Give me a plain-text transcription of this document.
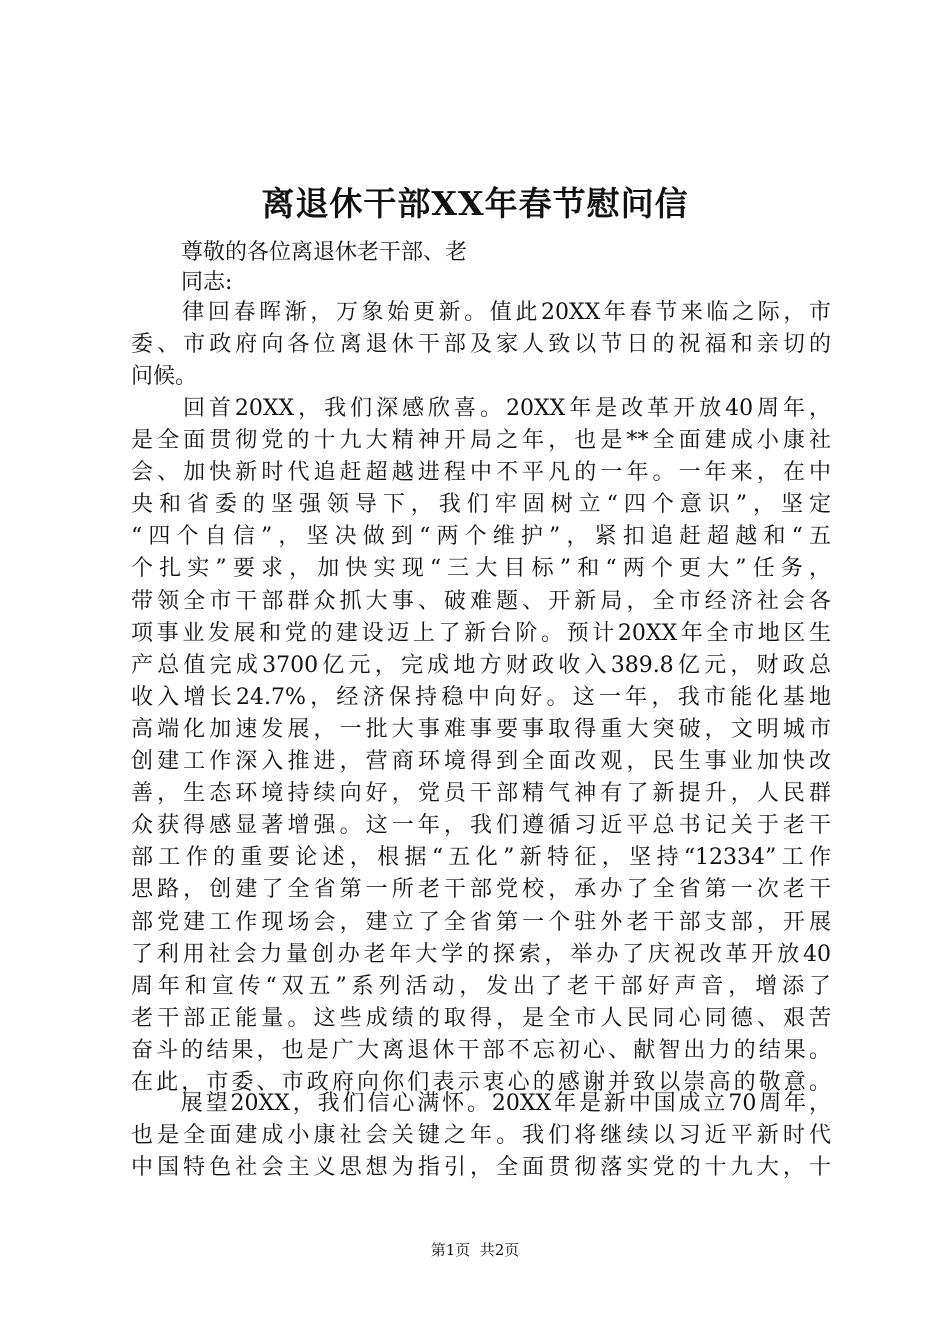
离退休干部XX年春节慰问信
尊敬的各位离退休老干部、老
同志:
　　律回春晖渐，万象始更新。值此20XX年春节来临之际，市
委、市政府向各位离退休干部及家人致以节日的祝福和亲切的
问候。
　　回首20XX，我们深感欣喜。20XX年是改革开放40周年，
是全面贯彻党的十九大精神开局之年，也是**全面建成小康社
会、加快新时代追赶超越进程中不平凡的一年。一年来，在中
央和省委的坚强领导下，我们牢固树立“四个意识”，坚定
“四个自信”，坚决做到“两个维护”，紧扣追赶超越和“五
个扎实”要求，加快实现“三大目标”和“两个更大”任务，
带领全市干部群众抓大事、破难题、开新局，全市经济社会各
项事业发展和党的建设迈上了新台阶。预计20XX年全市地区生
产总值完成3700亿元，完成地方财政收入389.8亿元，财政总
收入增长24.7%，经济保持稳中向好。这一年，我市能化基地
高端化加速发展，一批大事难事要事取得重大突破，文明城市
创建工作深入推进，营商环境得到全面改观，民生事业加快改
善，生态环境持续向好，党员干部精气神有了新提升，人民群
众获得感显著增强。这一年，我们遵循习近平总书记关于老干
部工作的重要论述，根据“五化”新特征，坚持“12334”工作
思路，创建了全省第一所老干部党校，承办了全省第一次老干
部党建工作现场会，建立了全省第一个驻外老干部支部，开展
了利用社会力量创办老年大学的探索，举办了庆祝改革开放40
周年和宣传“双五”系列活动，发出了老干部好声音，增添了
老干部正能量。这些成绩的取得，是全市人民同心同德、艰苦
奋斗的结果，也是广大离退休干部不忘初心、献智出力的结果。
在此，市委、市政府向你们表示衷心的感谢并致以崇高的敬意。
　　展望20XX，我们信心满怀。20XX年是新中国成立70周年，
也是全面建成小康社会关键之年。我们将继续以习近平新时代
中国特色社会主义思想为指引，全面贯彻落实党的十九大，十
第1页  共2页
